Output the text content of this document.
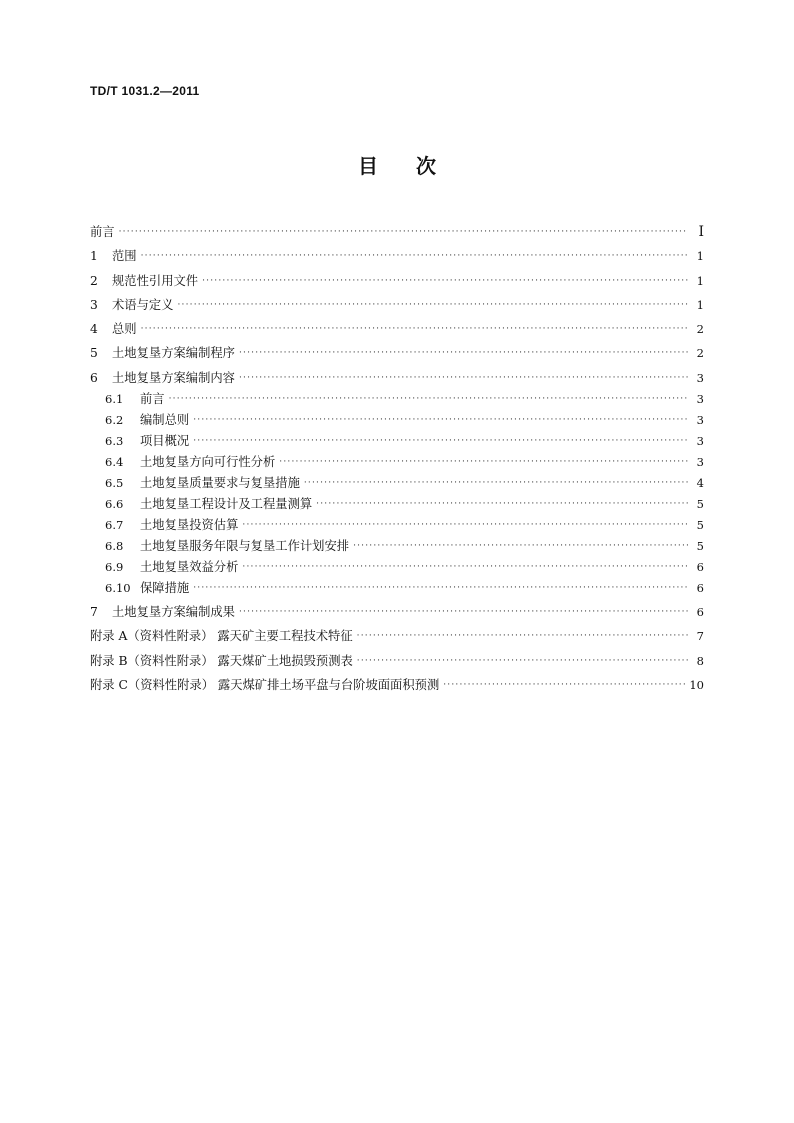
TD/T 1031.2—2011
目次
前言 ·····	Ⅰ
1	范围 ·····	1
2	规范性引用文件 ·····	1
3	术语与定义 ·····	1
4	总则 ·····	2
5	土地复垦方案编制程序 ·····	2
6	土地复垦方案编制内容 ·····	3
6.1	前言 ·····	3
6.2	编制总则 ·····	3
6.3	项目概况 ·····	3
6.4	土地复垦方向可行性分析 ·····	3
6.5	土地复垦质量要求与复垦措施 ·····	4
6.6	土地复垦工程设计及工程量测算 ·····	5
6.7	土地复垦投资估算 ·····	5
6.8	土地复垦服务年限与复垦工作计划安排 ·····	5
6.9	土地复垦效益分析 ·····	6
6.10 保障措施 ·····	6
7	土地复垦方案编制成果 ·····	6
附录 A（资料性附录） 露天矿主要工程技术特征 ·····	7
附录 B（资料性附录） 露天煤矿土地损毁预测表 ·····	8
附录 C（资料性附录） 露天煤矿排土场平盘与台阶坡面面积预测 ·····	10
